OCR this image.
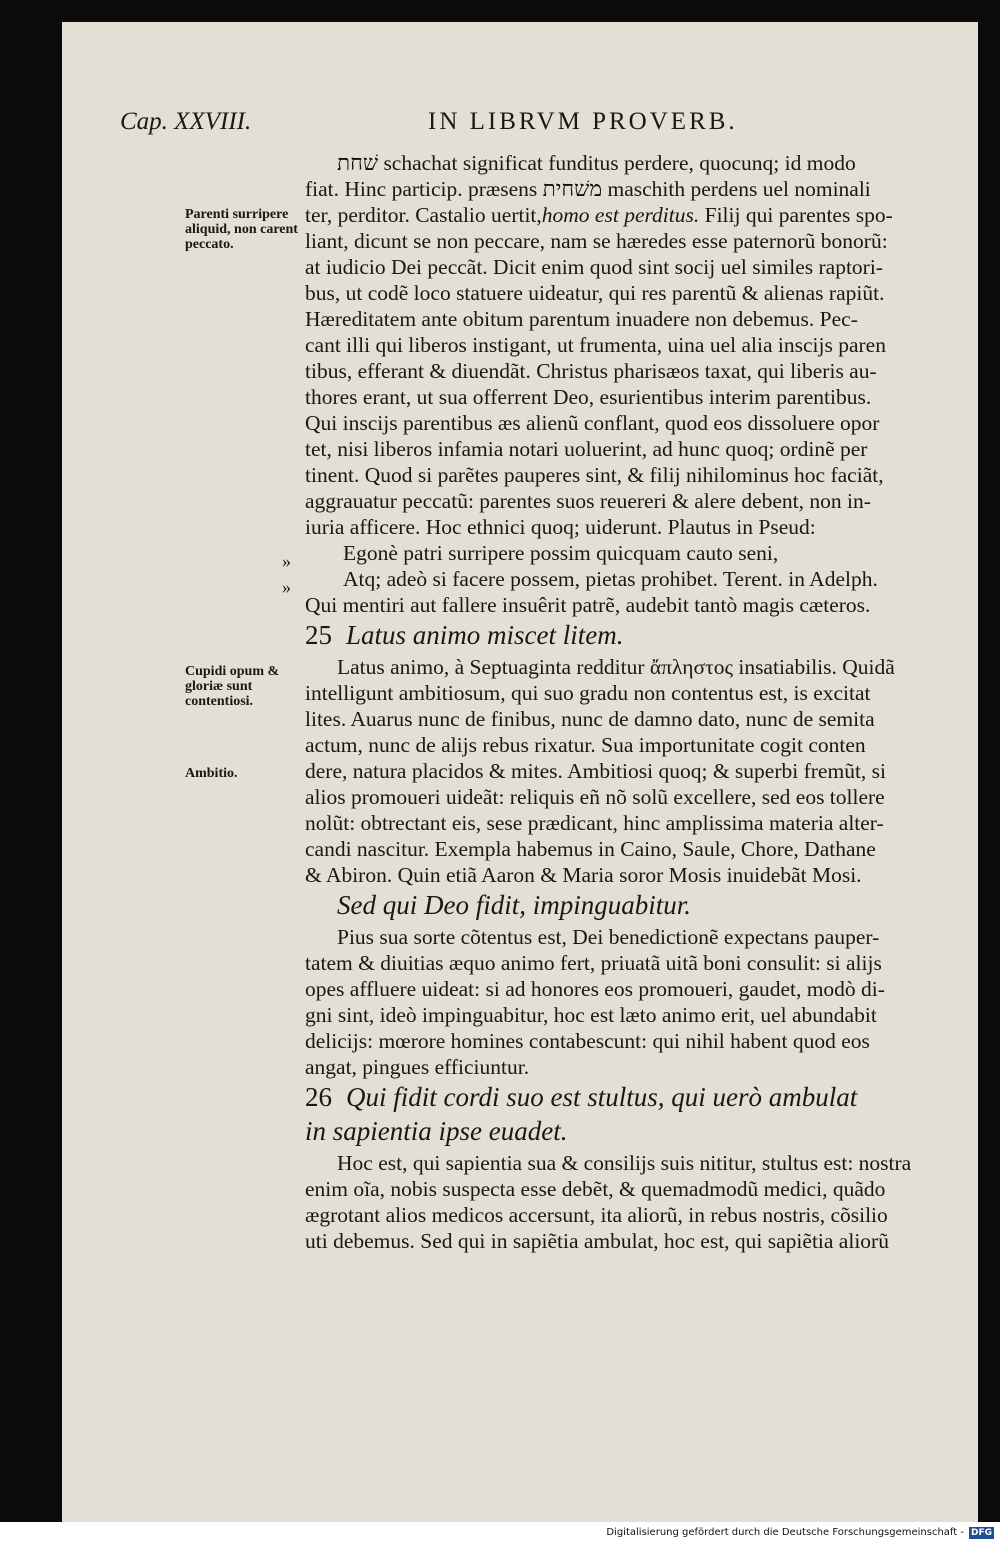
Cap. XXVIII.	IN LIBRVM PROVERB.
Parenti surripere aliquid, non carent peccato.
Cupidi opum & gloriæ sunt contentiosi.
Ambitio.
»
»
שׁחת schachat significat funditus perdere, quocunq; id modo
fiat. Hinc particip. præsens משׁחית maschith perdens uel nominali
ter, perditor. Castalio uertit,homo est perditus. Filij qui parentes spo-
liant, dicunt se non peccare, nam se hæredes esse paternorũ bonorũ:
at iudicio Dei peccãt. Dicit enim quod sint socij uel similes raptori-
bus, ut codẽ loco statuere uideatur, qui res parentũ & alienas rapiũt.
Hæreditatem ante obitum parentum inuadere non debemus. Pec-
cant illi qui liberos instigant, ut frumenta, uina uel alia inscijs paren
tibus, efferant & diuendãt. Christus pharisæos taxat, qui liberis au-
thores erant, ut sua offerrent Deo, esurientibus interim parentibus.
Qui inscijs parentibus æs alienũ conflant, quod eos dissoluere opor
tet, nisi liberos infamia notari uoluerint, ad hunc quoq; ordinẽ per
tinent. Quod si parẽtes pauperes sint, & filij nihilominus hoc faciãt,
aggrauatur peccatũ: parentes suos reuereri & alere debent, non in-
iuria afficere. Hoc ethnici quoq; uiderunt. Plautus in Pseud:
Egonè patri surripere possim quicquam cauto seni,
Atq; adeò si facere possem, pietas prohibet. Terent. in Adelph.
Qui mentiri aut fallere insuêrit patrẽ, audebit tantò magis cæteros.
25 Latus animo miscet litem.
Latus animo, à Septuaginta redditur ἄπληστος insatiabilis. Quidã
intelligunt ambitiosum, qui suo gradu non contentus est, is excitat
lites. Auarus nunc de finibus, nunc de damno dato, nunc de semita
actum, nunc de alijs rebus rixatur. Sua importunitate cogit conten
dere, natura placidos & mites. Ambitiosi quoq; & superbi fremũt, si
alios promoueri uideãt: reliquis eñ nõ solũ excellere, sed eos tollere
nolũt: obtrectant eis, sese prædicant, hinc amplissima materia alter-
candi nascitur. Exempla habemus in Caino, Saule, Chore, Dathane
& Abiron. Quin etiã Aaron & Maria soror Mosis inuidebãt Mosi.
Sed qui Deo fidit, impinguabitur.
Pius sua sorte cõtentus est, Dei benedictionẽ expectans pauper-
tatem & diuitias æquo animo fert, priuatã uitã boni consulit: si alijs
opes affluere uideat: si ad honores eos promoueri, gaudet, modò di-
gni sint, ideò impinguabitur, hoc est læto animo erit, uel abundabit
delicijs: mœrore homines contabescunt: qui nihil habent quod eos
angat, pingues efficiuntur.
26 Qui fidit cordi suo est stultus, qui uerò ambulat
in sapientia ipse euadet.
Hoc est, qui sapientia sua & consilijs suis nititur, stultus est: nostra
enim oĩa, nobis suspecta esse debẽt, & quemadmodũ medici, quãdo
ægrotant alios medicos accersunt, ita aliorũ, in rebus nostris, cõsilio
uti debemus. Sed qui in sapiẽtia ambulat, hoc est, qui sapiẽtia aliorũ
Digitalisierung gefördert durch die Deutsche Forschungsgemeinschaft - DFG
